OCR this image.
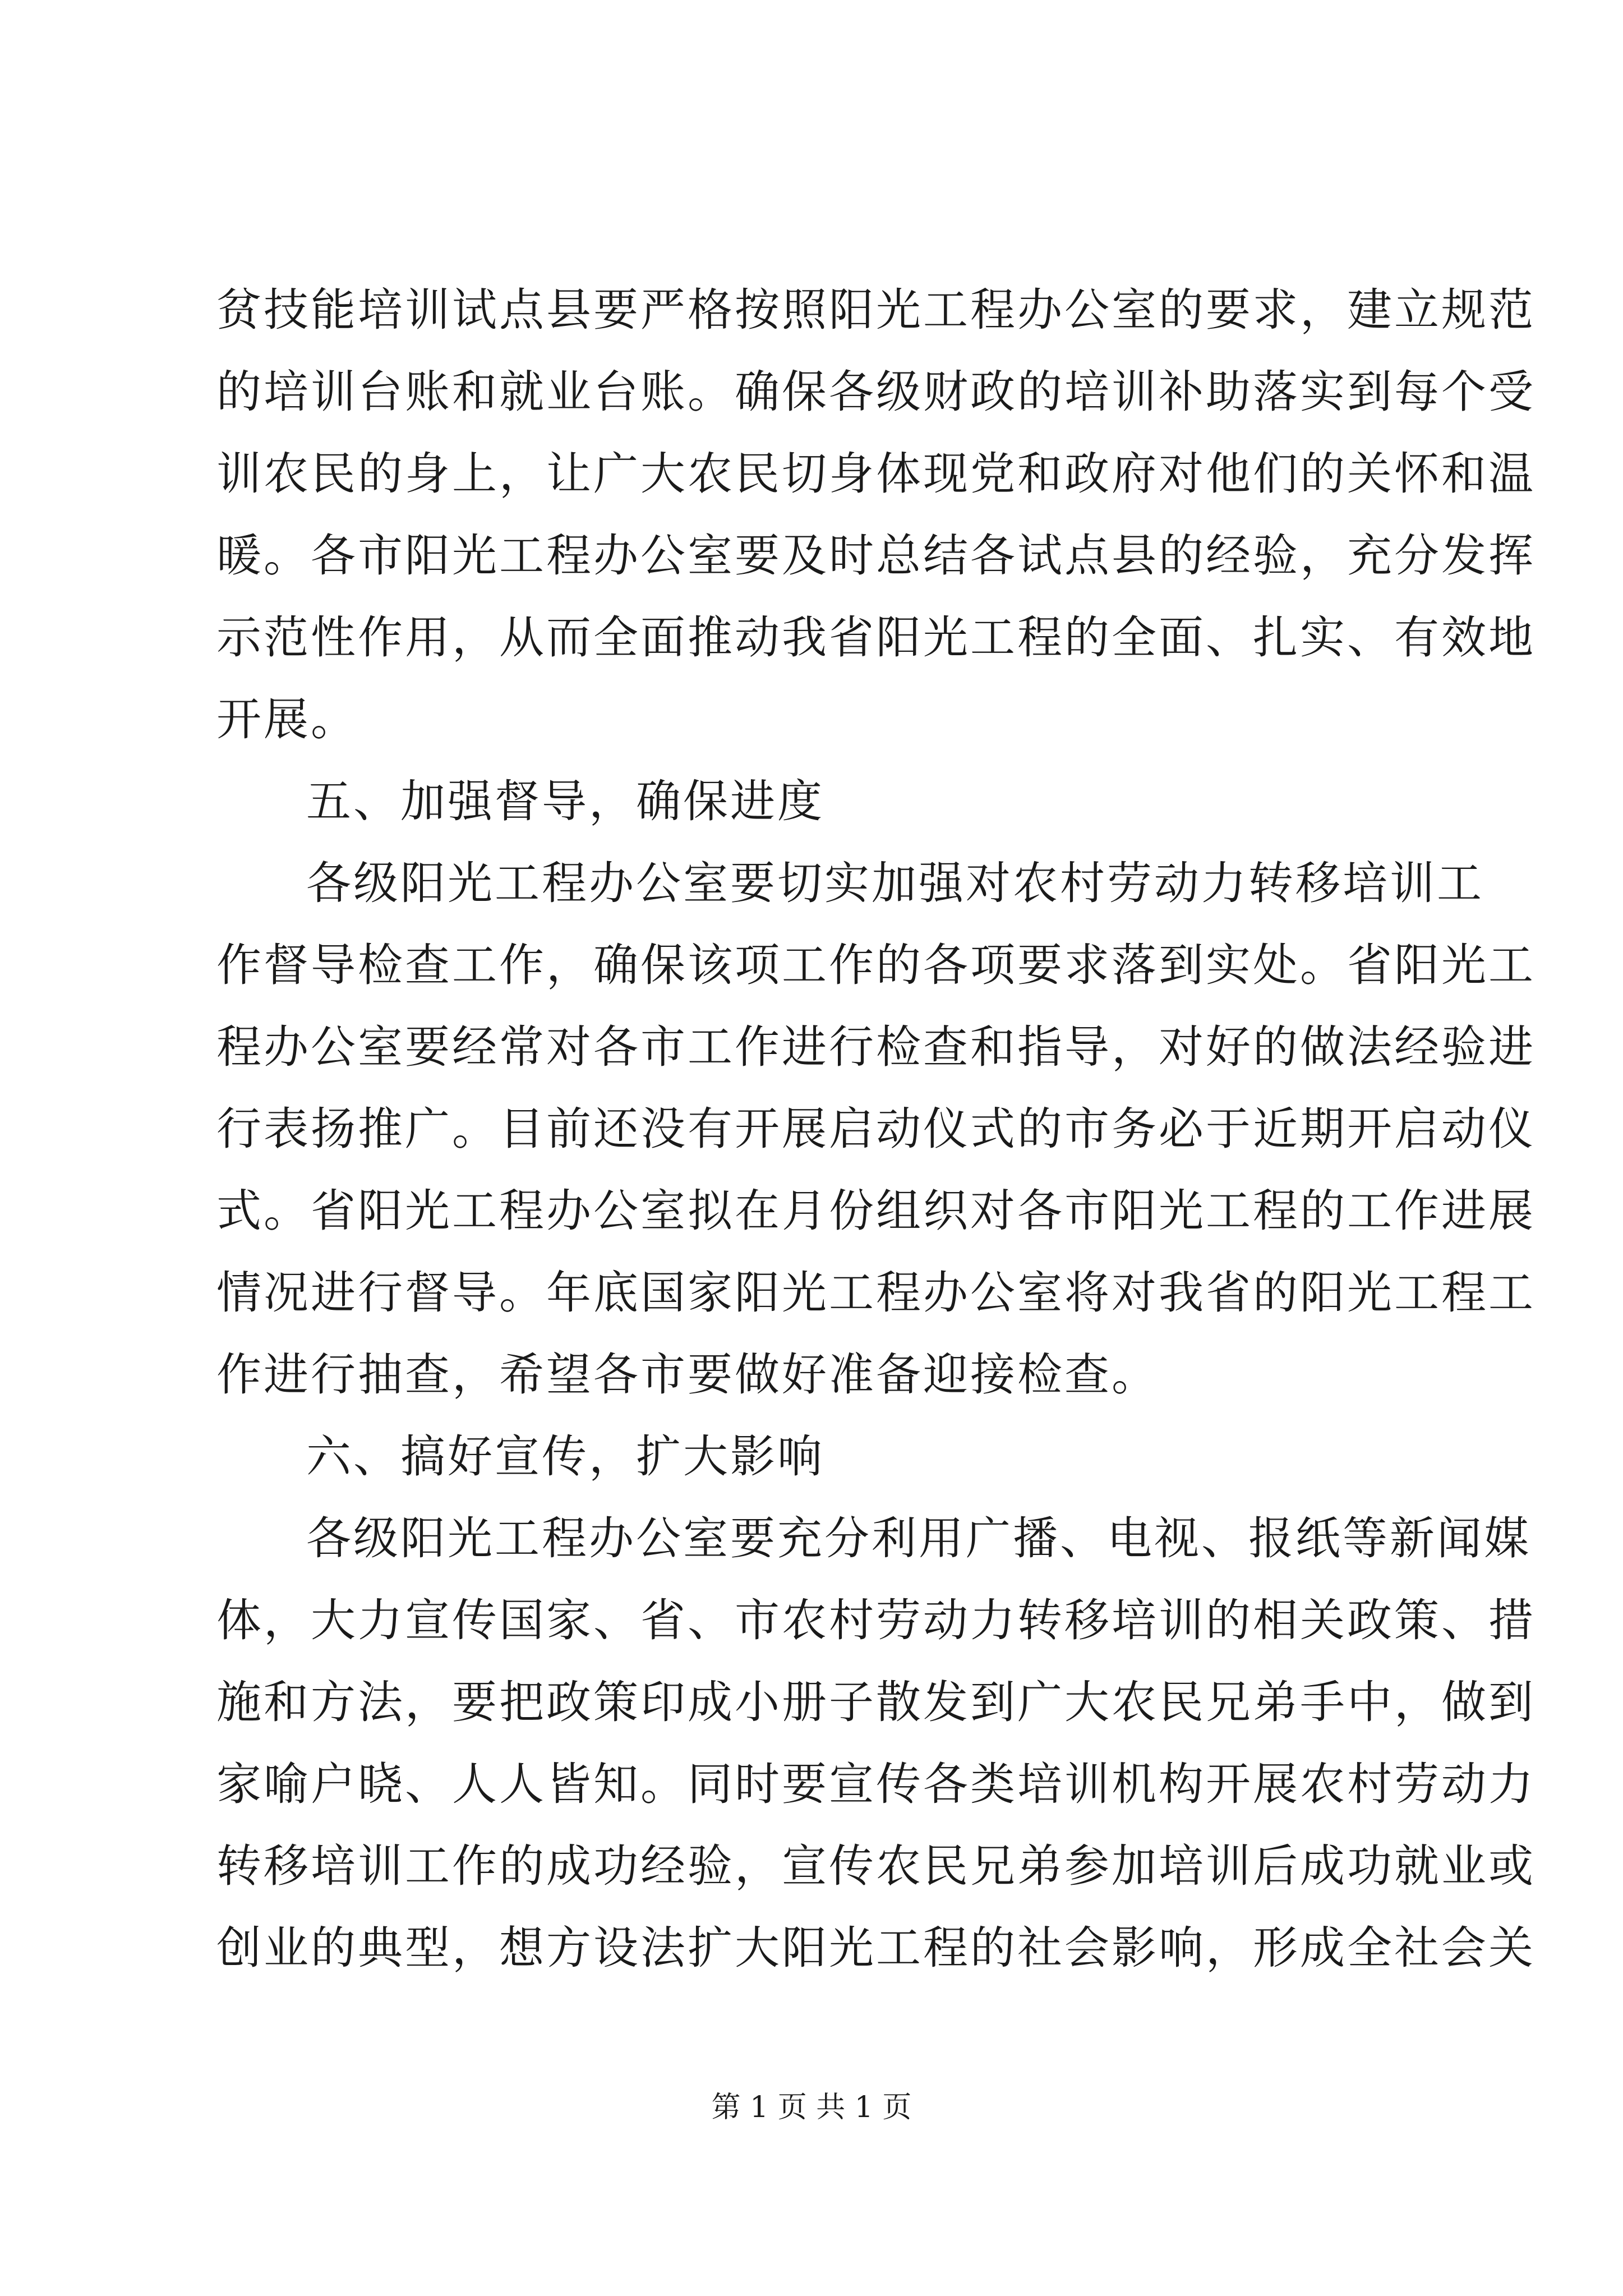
贫技能培训试点县要严格按照阳光工程办公室的要求，建立规范
的培训台账和就业台账。确保各级财政的培训补助落实到每个受
训农民的身上，让广大农民切身体现党和政府对他们的关怀和温
暖。各市阳光工程办公室要及时总结各试点县的经验，充分发挥
示范性作用，从而全面推动我省阳光工程的全面、扎实、有效地
开展。
五、加强督导，确保进度
各级阳光工程办公室要切实加强对农村劳动力转移培训工
作督导检查工作，确保该项工作的各项要求落到实处。省阳光工
程办公室要经常对各市工作进行检查和指导，对好的做法经验进
行表扬推广。目前还没有开展启动仪式的市务必于近期开启动仪
式。省阳光工程办公室拟在月份组织对各市阳光工程的工作进展
情况进行督导。年底国家阳光工程办公室将对我省的阳光工程工
作进行抽查，希望各市要做好准备迎接检查。
六、搞好宣传，扩大影响
各级阳光工程办公室要充分利用广播、电视、报纸等新闻媒
体，大力宣传国家、省、市农村劳动力转移培训的相关政策、措
施和方法，要把政策印成小册子散发到广大农民兄弟手中，做到
家喻户晓、人人皆知。同时要宣传各类培训机构开展农村劳动力
转移培训工作的成功经验，宣传农民兄弟参加培训后成功就业或
创业的典型，想方设法扩大阳光工程的社会影响，形成全社会关
第 1 页 共 1 页
